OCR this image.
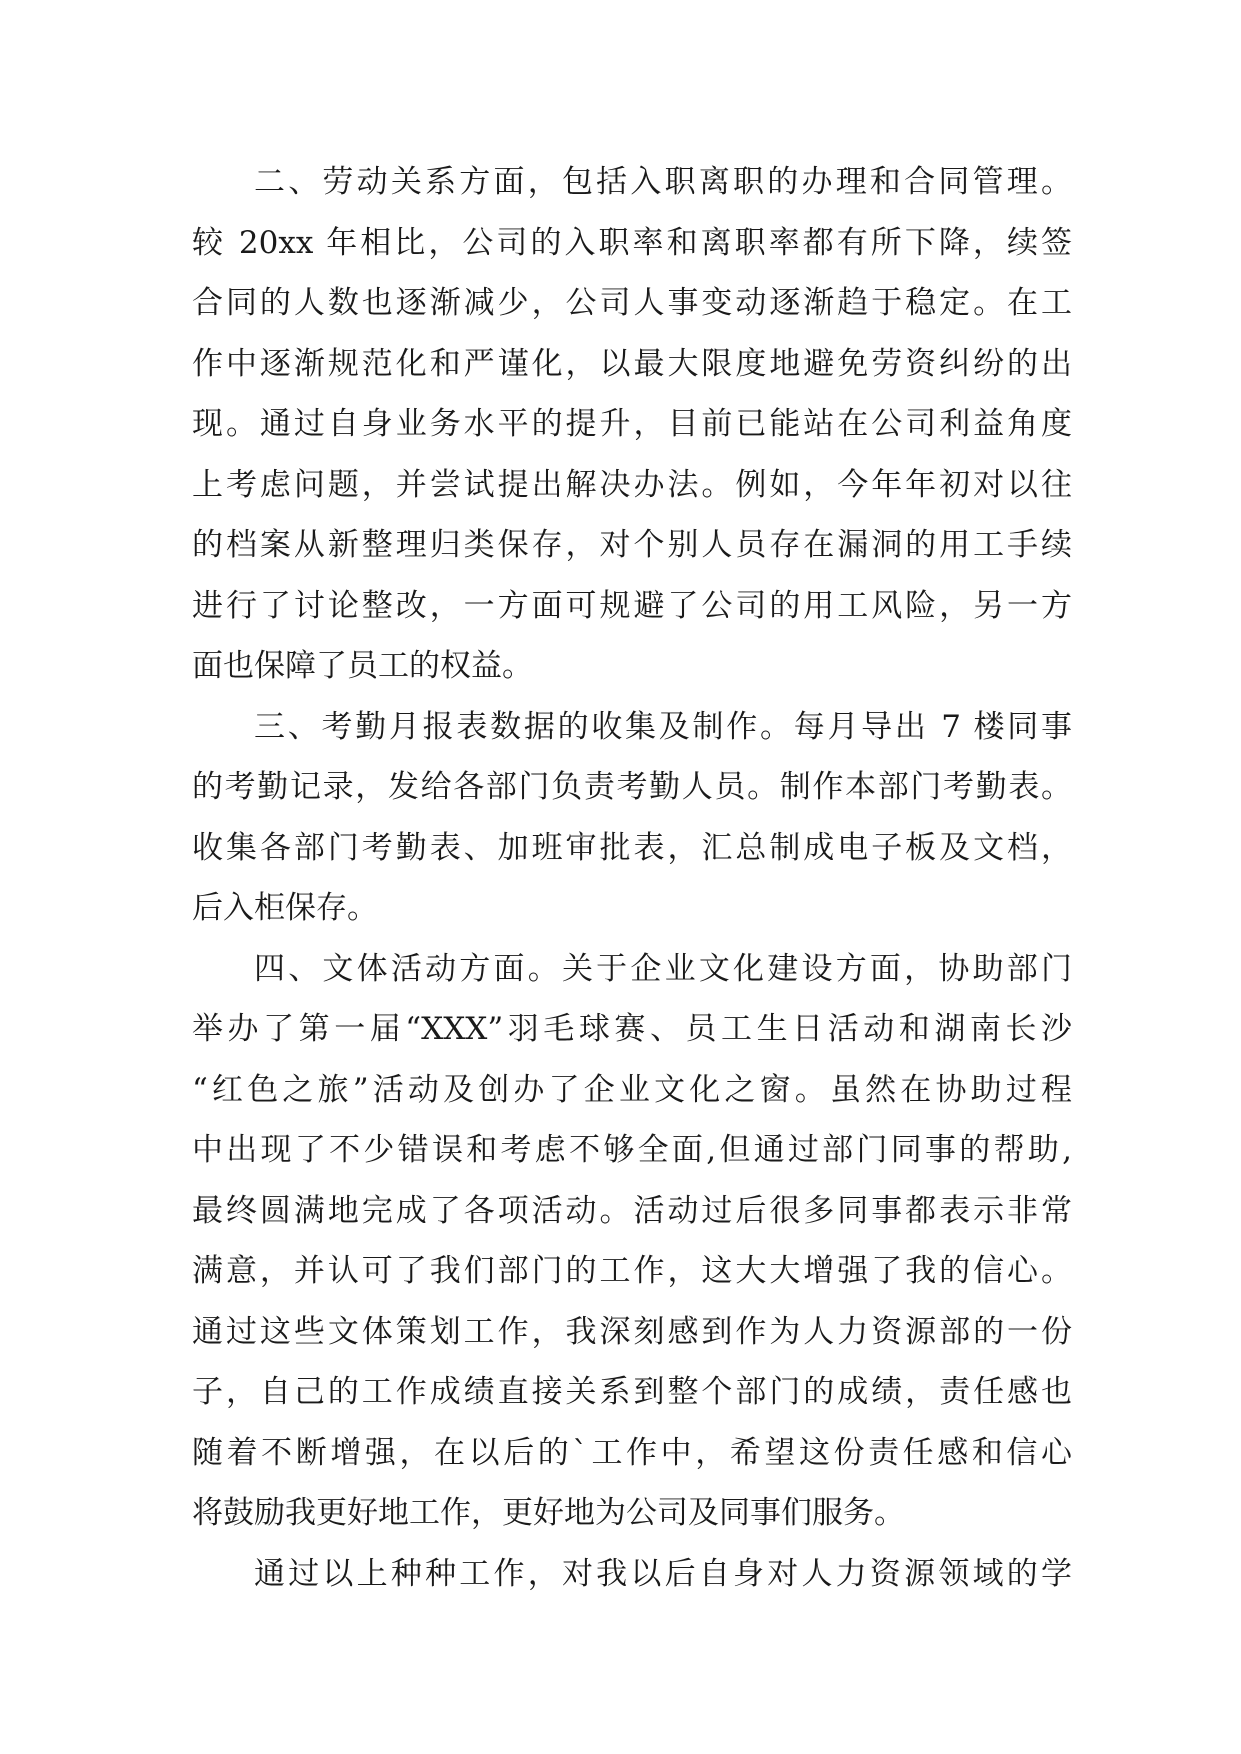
二、劳动关系方面，包括入职离职的办理和合同管理。
较 20xx 年相比，公司的入职率和离职率都有所下降，续签
合同的人数也逐渐减少，公司人事变动逐渐趋于稳定。在工
作中逐渐规范化和严谨化，以最大限度地避免劳资纠纷的出
现。通过自身业务水平的提升，目前已能站在公司利益角度
上考虑问题，并尝试提出解决办法。例如，今年年初对以往
的档案从新整理归类保存，对个别人员存在漏洞的用工手续
进行了讨论整改，一方面可规避了公司的用工风险，另一方
面也保障了员工的权益。
三、考勤月报表数据的收集及制作。每月导出 7 楼同事
的考勤记录，发给各部门负责考勤人员。制作本部门考勤表。
收集各部门考勤表、加班审批表，汇总制成电子板及文档，
后入柜保存。
四、文体活动方面。关于企业文化建设方面，协助部门
举办了第一届“XXX”羽毛球赛、员工生日活动和湖南长沙
“红色之旅”活动及创办了企业文化之窗。虽然在协助过程
中出现了不少错误和考虑不够全面,但通过部门同事的帮助,
最终圆满地完成了各项活动。活动过后很多同事都表示非常
满意，并认可了我们部门的工作，这大大增强了我的信心。
通过这些文体策划工作，我深刻感到作为人力资源部的一份
子，自己的工作成绩直接关系到整个部门的成绩，责任感也
随着不断增强，在以后的`工作中，希望这份责任感和信心
将鼓励我更好地工作，更好地为公司及同事们服务。
通过以上种种工作，对我以后自身对人力资源领域的学
